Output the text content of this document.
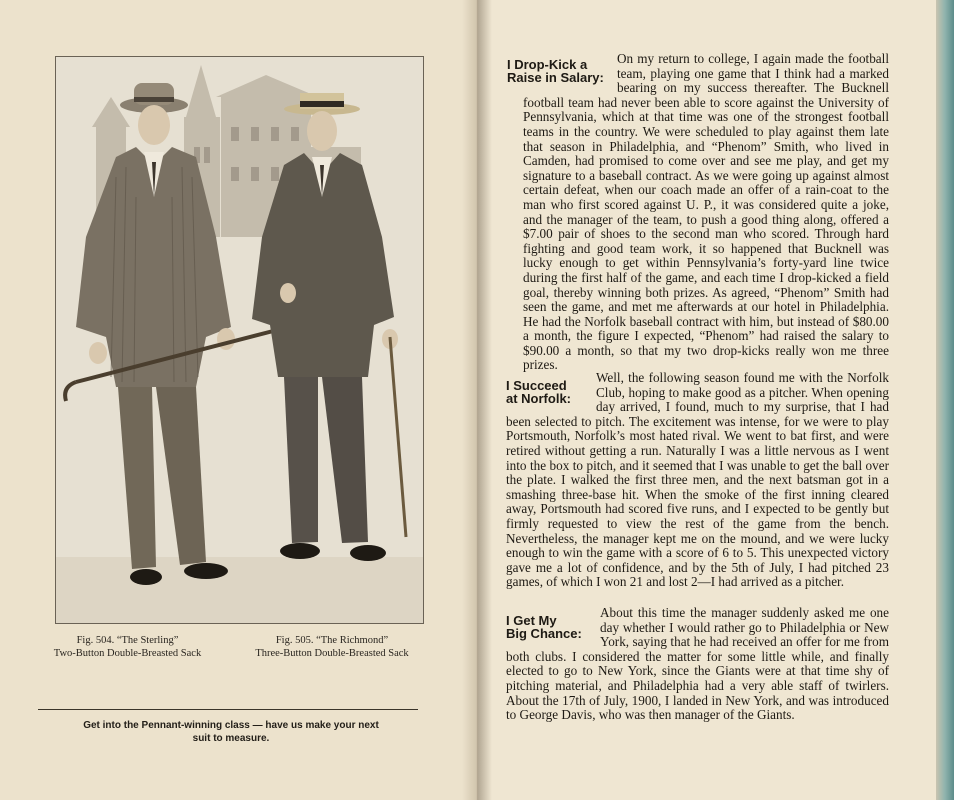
Fig. 504. “The Sterling”
Two-Button Double-Breasted Sack
Fig. 505. “The Richmond”
Three-Button Double-Breasted Sack
Get into the Pennant-winning class — have us make your next
suit to measure.
I Drop-Kick a
Raise in Salary:

On my return to college, I again made the football team, playing one game that I think had a marked bearing on my success thereafter. The Bucknell football team had never been able to score against the University of Pennsylvania, which at that time was one of the strongest football teams in the country. We were scheduled to play against them late that season in Philadelphia, and “Phenom” Smith, who lived in Camden, had promised to come over and see me play, and get my signature to a baseball contract. As we were going up against almost certain defeat, when our coach made an offer of a rain-coat to the man who first scored against U. P., it was considered quite a joke, and the manager of the team, to push a good thing along, offered a $7.00 pair of shoes to the second man who scored. Through hard fighting and good team work, it so happened that Bucknell was lucky enough to get within Pennsylvania’s forty-yard line twice during the first half of the game, and each time I drop-kicked a field goal, thereby winning both prizes. As agreed, “Phenom” Smith had seen the game, and met me afterwards at our hotel in Philadelphia. He had the Norfolk baseball contract with him, but instead of $80.00 a month, the figure I expected, “Phenom” had raised the salary to $90.00 a month, so that my two drop-kicks really won me three prizes.

I Succeed
at Norfolk:

Well, the following season found me with the Norfolk Club, hoping to make good as a pitcher. When opening day arrived, I found, much to my surprise, that I had been selected to pitch. The excitement was intense, for we were to play Portsmouth, Norfolk’s most hated rival. We went to bat first, and were retired without getting a run. Naturally I was a little nervous as I went into the box to pitch, and it seemed that I was unable to get the ball over the plate. I walked the first three men, and the next batsman got in a smashing three-base hit. When the smoke of the first inning cleared away, Portsmouth had scored five runs, and I expected to be gently but firmly requested to view the rest of the game from the bench. Nevertheless, the manager kept me on the mound, and we were lucky enough to win the game with a score of 6 to 5. This unexpected victory gave me a lot of confidence, and by the 5th of July, I had pitched 23 games, of which I won 21 and lost 2—I had arrived as a pitcher.

I Get My
Big Chance:

About this time the manager suddenly asked me one day whether I would rather go to Philadelphia or New York, saying that he had received an offer for me from both clubs. I considered the matter for some little while, and finally elected to go to New York, since the Giants were at that time shy of pitching material, and Philadelphia had a very able staff of twirlers. About the 17th of July, 1900, I landed in New York, and was introduced to George Davis, who was then manager of the Giants.
